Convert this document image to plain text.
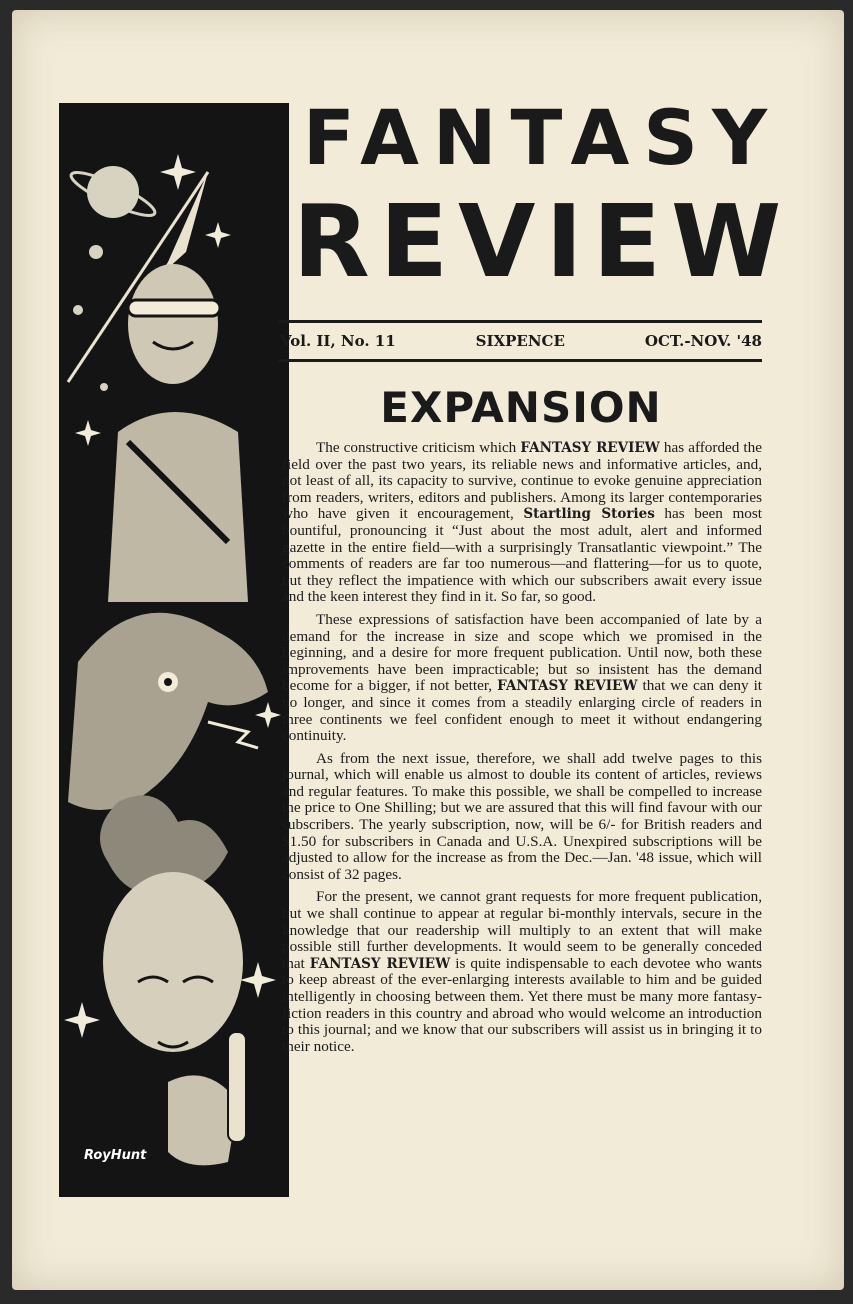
RoyHunt
FANTASY
REVIEW
Vol. II, No. 11	SIXPENCE	OCT.-NOV. '48
EXPANSION

The constructive criticism which FANTASY REVIEW has afforded the field over the past two years, its reliable news and informative articles, and, not least of all, its capacity to survive, continue to evoke genuine appreciation from readers, writers, editors and publishers. Among its larger contemporaries who have given it encouragement, Startling Stories has been most bountiful, pronouncing it “Just about the most adult, alert and informed gazette in the entire field—with a surprisingly Transatlantic viewpoint.” The comments of readers are far too numerous—and flattering—for us to quote, but they reflect the impatience with which our subscribers await every issue and the keen interest they find in it. So far, so good.

These expressions of satisfaction have been accompanied of late by a demand for the increase in size and scope which we promised in the beginning, and a desire for more frequent publication. Until now, both these improvements have been impracticable; but so insistent has the demand become for a bigger, if not better, FANTASY REVIEW that we can deny it no longer, and since it comes from a steadily enlarging circle of readers in three continents we feel confident enough to meet it without endangering continuity.

As from the next issue, therefore, we shall add twelve pages to this journal, which will enable us almost to double its content of articles, reviews and regular features. To make this possible, we shall be compelled to increase the price to One Shilling; but we are assured that this will find favour with our subscribers. The yearly subscription, now, will be 6/- for British readers and $1.50 for subscribers in Canada and U.S.A. Unexpired subscriptions will be adjusted to allow for the increase as from the Dec.—Jan. '48 issue, which will consist of 32 pages.

For the present, we cannot grant requests for more frequent publication, but we shall continue to appear at regular bi-monthly intervals, secure in the knowledge that our readership will multiply to an extent that will make possible still further developments. It would seem to be generally conceded that FANTASY REVIEW is quite indispensable to each devotee who wants to keep abreast of the ever-enlarging interests available to him and be guided intelligently in choosing between them. Yet there must be many more fantasy-fiction readers in this country and abroad who would welcome an introduction to this journal; and we know that our subscribers will assist us in bringing it to their notice.
